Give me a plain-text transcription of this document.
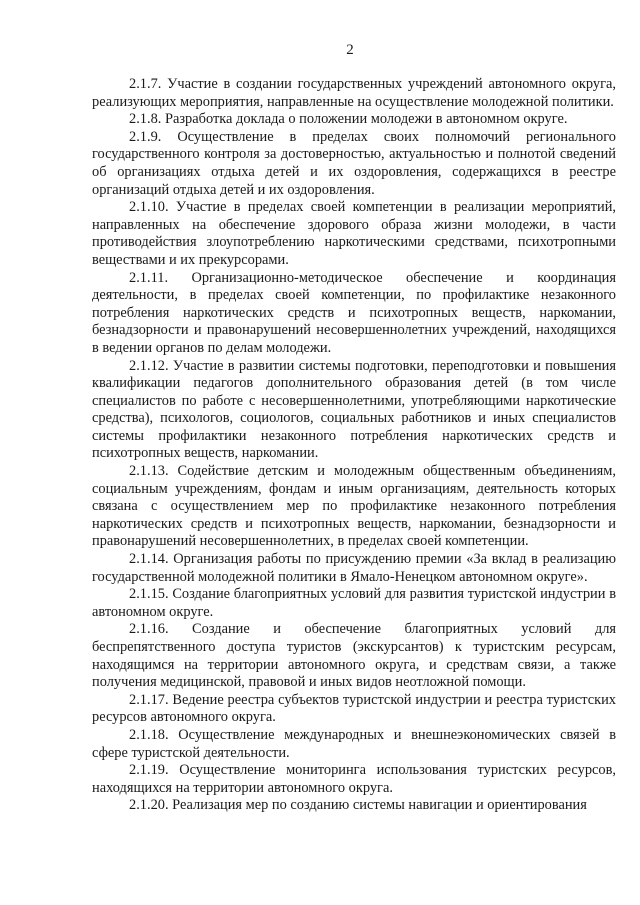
2

2.1.7. Участие в создании государственных учреждений автономного округа, реализующих мероприятия, направленные на осуществление молодежной политики.

2.1.8. Разработка доклада о положении молодежи в автономном округе.

2.1.9. Осуществление в пределах своих полномочий регионального государственного контроля за достоверностью, актуальностью и полнотой сведений об организациях отдыха детей и их оздоровления, содержащихся в реестре организаций отдыха детей и их оздоровления.

2.1.10. Участие в пределах своей компетенции в реализации мероприятий, направленных на обеспечение здорового образа жизни молодежи, в части противодействия злоупотреблению наркотическими средствами, психотропными веществами и их прекурсорами.

2.1.11. Организационно-методическое обеспечение и координация деятельности, в пределах своей компетенции, по профилактике незаконного потребления наркотических средств и психотропных веществ, наркомании, безнадзорности и правонарушений несовершеннолетних учреждений, находящихся в ведении органов по делам молодежи.

2.1.12. Участие в развитии системы подготовки, переподготовки и повышения квалификации педагогов дополнительного образования детей (в том числе специалистов по работе с несовершеннолетними, употребляющими наркотические средства), психологов, социологов, социальных работников и иных специалистов системы профилактики незаконного потребления наркотических средств и психотропных веществ, наркомании.

2.1.13. Содействие детским и молодежным общественным объединениям, социальным учреждениям, фондам и иным организациям, деятельность которых связана с осуществлением мер по профилактике незаконного потребления наркотических средств и психотропных веществ, наркомании, безнадзорности и правонарушений несовершеннолетних, в пределах своей компетенции.

2.1.14. Организация работы по присуждению премии «За вклад в реализацию государственной молодежной политики в Ямало-Ненецком автономном округе».

2.1.15. Создание благоприятных условий для развития туристской индустрии в автономном округе.

2.1.16. Создание и обеспечение благоприятных условий для беспрепятственного доступа туристов (экскурсантов) к туристским ресурсам, находящимся на территории автономного округа, и средствам связи, а также получения медицинской, правовой и иных видов неотложной помощи.

2.1.17. Ведение реестра субъектов туристской индустрии и реестра туристских ресурсов автономного округа.

2.1.18. Осуществление международных и внешнеэкономических связей в сфере туристской деятельности.

2.1.19. Осуществление мониторинга использования туристских ресурсов, находящихся на территории автономного округа.

2.1.20. Реализация мер по созданию системы навигации и ориентирования
